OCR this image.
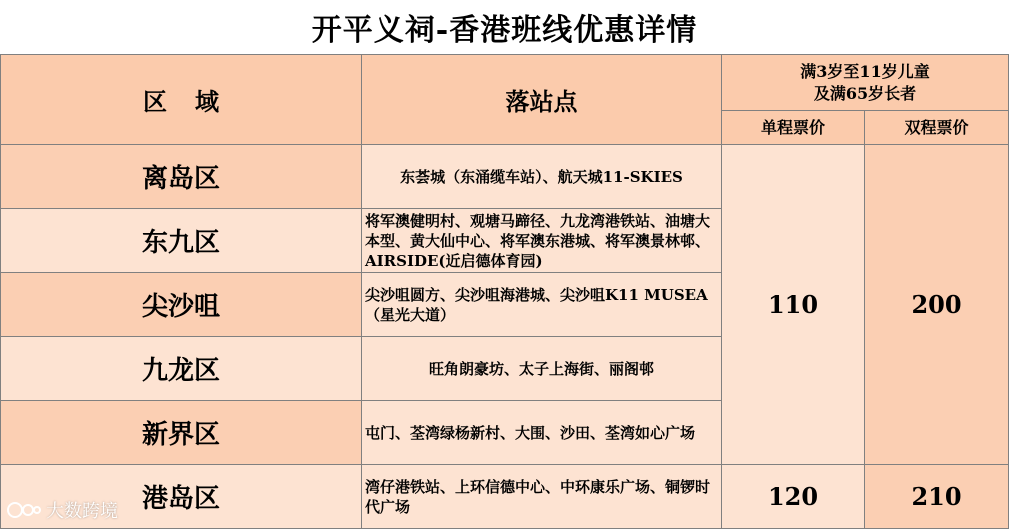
开平义祠-香港班线优惠详情
区域	落站点	满3岁至11岁儿童
及满65岁长者	

		单程票价	双程票价
离岛区	东荟城（东涌缆车站）、航天城11-SKIES	110	200
东九区	将军澳健明村、观塘马蹄径、九龙湾港铁站、油塘大本型、黄大仙中心、将军澳东港城、将军澳景林邨、AIRSIDE(近启德体育园)		
尖沙咀	尖沙咀圆方、尖沙咀海港城、尖沙咀K11 MUSEA（星光大道）		
九龙区	旺角朗豪坊、太子上海街、丽阁邨		
新界区	屯门、荃湾绿杨新村、大围、沙田、荃湾如心广场		
港岛区	湾仔港铁站、上环信德中心、中环康乐广场、铜锣时代广场	120	210
大数跨境
